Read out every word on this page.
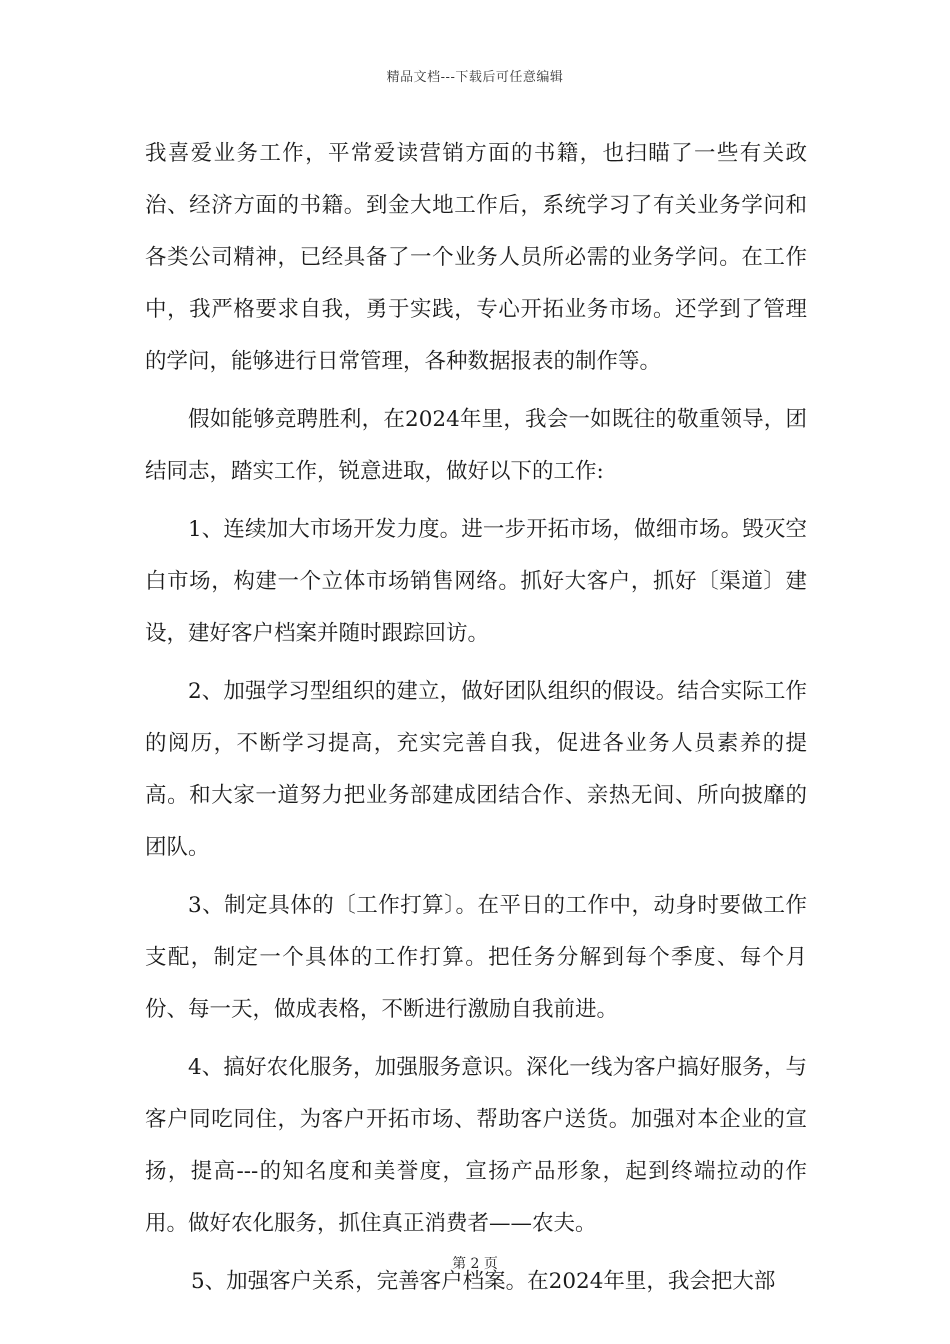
精品文档---下载后可任意编辑

我喜爱业务工作，平常爱读营销方面的书籍，也扫瞄了一些有关政治、经济方面的书籍。到金大地工作后，系统学习了有关业务学问和各类公司精神，已经具备了一个业务人员所必需的业务学问。在工作中，我严格要求自我，勇于实践，专心开拓业务市场。还学到了管理的学问，能够进行日常管理，各种数据报表的制作等。

假如能够竞聘胜利，在2024年里，我会一如既往的敬重领导，团结同志，踏实工作，锐意进取，做好以下的工作:

1、连续加大市场开发力度。进一步开拓市场，做细市场。毁灭空白市场，构建一个立体市场销售网络。抓好大客户，抓好〔渠道〕建设，建好客户档案并随时跟踪回访。

2、加强学习型组织的建立，做好团队组织的假设。结合实际工作的阅历，不断学习提高，充实完善自我，促进各业务人员素养的提高。和大家一道努力把业务部建成团结合作、亲热无间、所向披靡的团队。

3、制定具体的〔工作打算〕。在平日的工作中，动身时要做工作支配，制定一个具体的工作打算。把任务分解到每个季度、每个月份、每一天，做成表格，不断进行激励自我前进。

4、搞好农化服务，加强服务意识。深化一线为客户搞好服务，与客户同吃同住，为客户开拓市场、帮助客户送货。加强对本企业的宣扬，提高---的知名度和美誉度，宣扬产品形象，起到终端拉动的作用。做好农化服务，抓住真正消费者——农夫。

5、加强客户关系，完善客户档案。在2024年里，我会把大部

第 2 页
